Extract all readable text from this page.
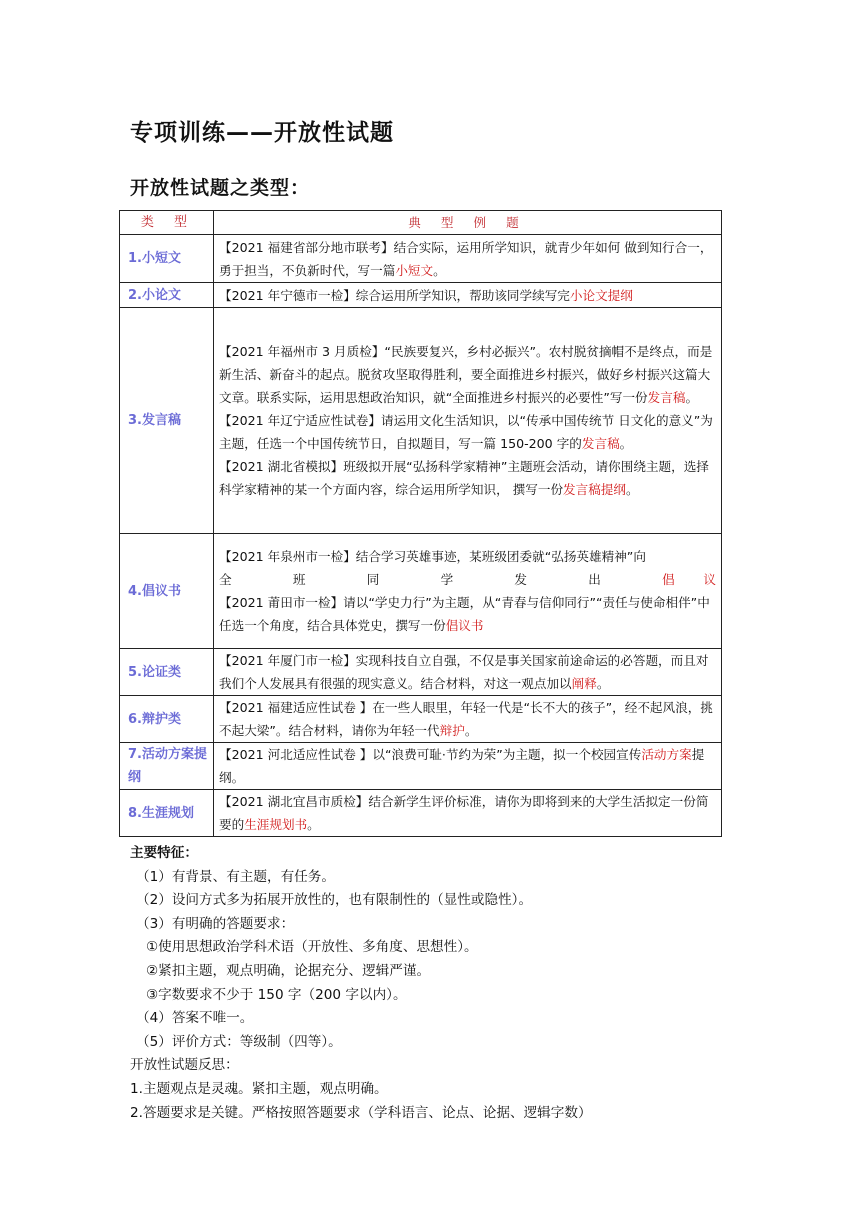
专项训练——开放性试题
开放性试题之类型：
类 型	典 型 例 题
1.小短文	【2021 福建省部分地市联考】结合实际，运用所学知识，就青少年如何 做到知行合一，勇于担当，不负新时代，写一篇小短文。
2.小论文	【2021 年宁德市一检】综合运用所学知识，帮助该同学续写完小论文提纲
3.发言稿	【2021 年福州市 3 月质检】“民族要复兴，乡村必振兴”。农村脱贫摘帽不是终点，而是新生活、新奋斗的起点。脱贫攻坚取得胜利，要全面推进乡村振兴，做好乡村振兴这篇大文章。联系实际，运用思想政治知识，就“全面推进乡村振兴的必要性”写一份发言稿。
【2021 年辽宁适应性试卷】请运用文化生活知识，以“传承中国传统节 日文化的意义”为主题，任选一个中国传统节日，自拟题目，写一篇 150-200 字的发言稿。
【2021 湖北省模拟】班级拟开展“弘扬科学家精神”主题班会活动，请你围绕主题，选择科学家精神的某一个方面内容，综合运用所学知识， 撰写一份发言稿提纲。

4.倡议书	【2021 年泉州市一检】结合学习英雄事迹，某班级团委就“弘扬英雄精神”向
全 班 同 学 发 出 倡议
【2021 莆田市一检】请以“学史力行”为主题，从“青春与信仰同行”“责任与使命相伴”中任选一个角度，结合具体党史，撰写一份倡议书

5.论证类	【2021 年厦门市一检】实现科技自立自强，不仅是事关国家前途命运的必答题，而且对我们个人发展具有很强的现实意义。结合材料，对这一观点加以阐释。
6.辩护类	【2021 福建适应性试卷 】在一些人眼里，年轻一代是“长不大的孩子”，经不起风浪，挑不起大梁”。结合材料，请你为年轻一代辩护。
7.活动方案提纲	【2021 河北适应性试卷 】以“浪费可耻·节约为荣”为主题，拟一个校园宣传活动方案提纲。
8.生涯规划	【2021 湖北宜昌市质检】结合新学生评价标准，请你为即将到来的大学生活拟定一份简要的生涯规划书。
主要特征：
（1）有背景、有主题，有任务。
（2）设问方式多为拓展开放性的，也有限制性的（显性或隐性）。
（3）有明确的答题要求：
①使用思想政治学科术语（开放性、多角度、思想性）。
②紧扣主题，观点明确，论据充分、逻辑严谨。
③字数要求不少于 150 字（200 字以内）。
（4）答案不唯一。
（5）评价方式：等级制（四等）。
开放性试题反思：
1.主题观点是灵魂。紧扣主题，观点明确。
2.答题要求是关键。严格按照答题要求（学科语言、论点、论据、逻辑字数）
